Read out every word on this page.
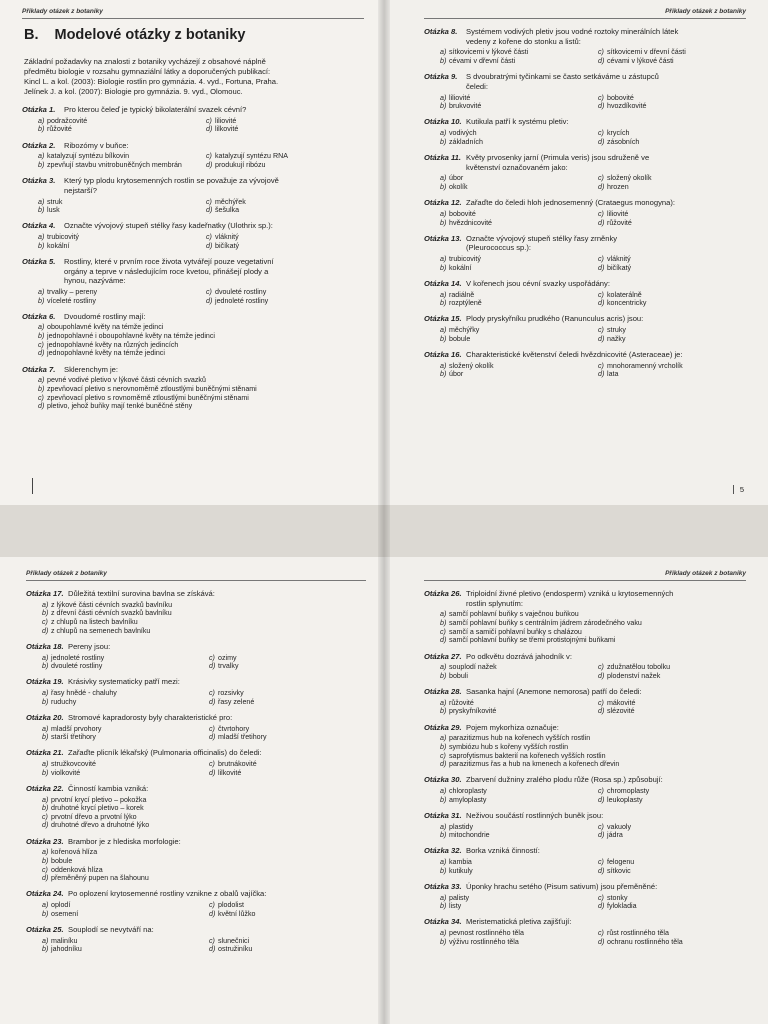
Příklady otázek z botaniky
B. Modelové otázky z botaniky
Základní požadavky na znalosti z botaniky vycházejí z obsahové náplně
předmětu biologie v rozsahu gymnaziální látky a doporučených publikací:
Kincl L. a kol. (2003): Biologie rostlin pro gymnázia. 4. vyd., Fortuna, Praha.
Jelínek J. a kol. (2007): Biologie pro gymnázia. 9. vyd., Olomouc.
Otázka 1.	Pro kterou čeleď je typický bikolaterální svazek cévní?
a) podražcovité	c) liliovité
b) růžovité	d) lilkovité
Otázka 2.	Ribozómy v buňce:
a) katalyzují syntézu bílkovin	c) katalyzují syntézu RNA
b) zpevňují stavbu vnitrobuněčných membrán	d) produkují ribózu
Otázka 3.	Který typ plodu krytosemenných rostlin se považuje za vývojově
nejstarší?
a) struk	c) měchýřek
b) lusk	d) šešulka
Otázka 4.	Označte vývojový stupeň stélky řasy kadeřnatky (Ulothrix sp.):
a) trubicovitý	c) vláknitý
b) kokální	d) bičíkatý
Otázka 5.	Rostliny, které v prvním roce života vytvářejí pouze vegetativní
orgány a teprve v následujícím roce kvetou, přinášejí plody a
hynou, nazýváme:
a) trvalky – pereny	c) dvouleté rostliny
b) víceleté rostliny	d) jednoleté rostliny
Otázka 6.	Dvoudomé rostliny mají:
a) oboupohlavné květy na témže jedinci
b) jednopohlavné i oboupohlavné květy na témže jedinci
c) jednopohlavné květy na různých jedincích
d) jednopohlavné květy na témže jedinci
Otázka 7.	Sklerenchym je:
a) pevné vodivé pletivo v lýkové části cévních svazků
b) zpevňovací pletivo s nerovnoměrně ztloustlými buněčnými stěnami
c) zpevňovací pletivo s rovnoměrně ztloustlými buněčnými stěnami
d) pletivo, jehož buňky mají tenké buněčné stěny
Příklady otázek z botaniky
Otázka 8.	Systémem vodivých pletiv jsou vodné roztoky minerálních látek
vedeny z kořene do stonku a listů:
a) sítkovicemi v lýkové části	c) sítkovicemi v dřevní části
b) cévami v dřevní části	d) cévami v lýkové části
Otázka 9.	S dvoubratrými tyčinkami se často setkáváme u zástupců
čeledi:
a) liliovité	c) bobovité
b) brukvovité	d) hvozdíkovité
Otázka 10. Kutikula patří k systému pletiv:
a) vodivých	c) krycích
b) základních	d) zásobních
Otázka 11. Květy prvosenky jarní (Primula veris) jsou sdruženě ve
květenství označovaném jako:
a) úbor	c) složený okolík
b) okolík	d) hrozen
Otázka 12. Zařaďte do čeledi hloh jednosemenný (Crataegus monogyna):
a) bobovité	c) liliovité
b) hvězdnicovité	d) růžovité
Otázka 13. Označte vývojový stupeň stélky řasy zrněnky
(Pleurococcus sp.):
a) trubicovitý	c) vláknitý
b) kokální	d) bičíkatý
Otázka 14. V kořenech jsou cévní svazky uspořádány:
a) radiálně	c) kolaterálně
b) rozptýleně	d) koncentricky
Otázka 15. Plody pryskyřníku prudkého (Ranunculus acris) jsou:
a) měchýřky	c) struky
b) bobule	d) nažky
Otázka 16. Charakteristické květenství čeledi hvězdnicovité (Asteraceae) je:
a) složený okolík	c) mnohoramenný vrcholík
b) úbor	d) lata
5
Příklady otázek z botaniky
Otázka 17. Důležitá textilní surovina bavlna se získává:
a) z lýkové části cévních svazků bavlníku
b) z dřevní části cévních svazků bavlníku
c) z chlupů na listech bavlníku
d) z chlupů na semenech bavlníku
Otázka 18. Pereny jsou:
a) jednoleté rostliny	c) ozimy
b) dvouleté rostliny	d) trvalky
Otázka 19. Krásivky systematicky patří mezi:
a) řasy hnědé - chaluhy	c) rozsivky
b) ruduchy	d) řasy zelené
Otázka 20. Stromové kapradorosty byly charakteristické pro:
a) mladší prvohory	c) čtvrtohory
b) starší třetihory	d) mladší třetihory
Otázka 21. Zařaďte plicník lékařský (Pulmonaria officinalis) do čeledi:
a) stružkovcovité	c) brutnákovité
b) violkovité	d) lilkovité
Otázka 22. Činností kambia vzniká:
a) prvotní krycí pletivo – pokožka
b) druhotné krycí pletivo – korek
c) prvotní dřevo a prvotní lýko
d) druhotné dřevo a druhotné lýko
Otázka 23. Brambor je z hlediska morfologie:
a) kořenová hlíza
b) bobule
c) oddenková hlíza
d) přeměněný pupen na šlahounu
Otázka 24. Po oplození krytosemenné rostliny vznikne z obalů vajíčka:
a) oplodí	c) plodolist
b) osemení	d) květní lůžko
Otázka 25. Souplodí se nevytváří na:
a) maliníku	c) slunečnici
b) jahodníku	d) ostružiníku
Příklady otázek z botaniky
Otázka 26. Triploidní živné pletivo (endosperm) vzniká u krytosemenných
rostlin splynutím:
a) samčí pohlavní buňky s vaječnou buňkou
b) samčí pohlavní buňky s centrálním jádrem zárodečného vaku
c) samčí a samičí pohlavní buňky s chalázou
d) samčí pohlavní buňky se třemi protistojnými buňkami
Otázka 27. Po odkvětu dozrává jahodník v:
a) souplodí nažek	c) zdužnatělou tobolku
b) bobuli	d) plodenství nažek
Otázka 28. Sasanka hajní (Anemone nemorosa) patří do čeledi:
a) růžovité	c) mákovité
b) pryskyřníkovité	d) slézovité
Otázka 29. Pojem mykorhiza označuje:
a) parazitizmus hub na kořenech vyšších rostlin
b) symbiózu hub s kořeny vyšších rostlin
c) saprofytismus bakterií na kořenech vyšších rostlin
d) parazitizmus řas a hub na kmenech a kořenech dřevin
Otázka 30. Zbarvení dužniny zralého plodu růže (Rosa sp.) způsobují:
a) chloroplasty	c) chromoplasty
b) amyloplasty	d) leukoplasty
Otázka 31. Neživou součástí rostlinných buněk jsou:
a) plastidy	c) vakuoly
b) mitochondrie	d) jádra
Otázka 32. Borka vzniká činností:
a) kambia	c) felogenu
b) kutikuly	d) sítkovic
Otázka 33. Úponky hrachu setého (Pisum sativum) jsou přeměněné:
a) palisty	c) stonky
b) listy	d) fylokladia
Otázka 34. Meristematická pletiva zajišťují:
a) pevnost rostlinného těla	c) růst rostlinného těla
b) výživu rostlinného těla	d) ochranu rostlinného těla
